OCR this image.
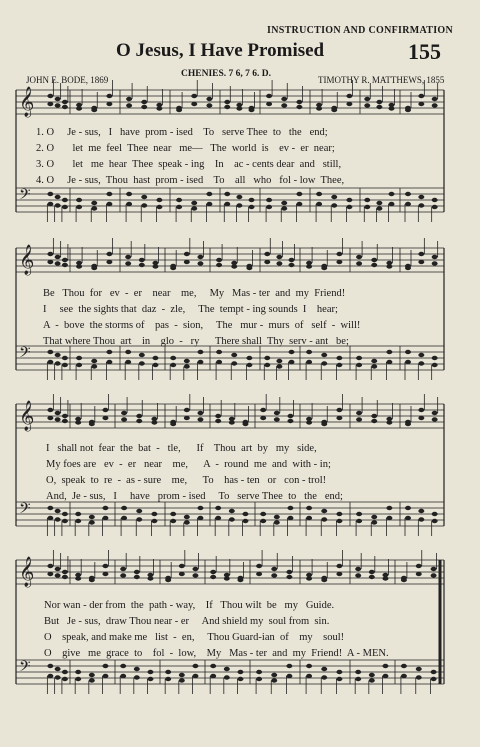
INSTRUCTION AND CONFIRMATION
O Jesus, I Have Promised	155
JOHN E. BODE, 1869
CHENIES. 7 6, 7 6. D.
TIMOTHY R. MATTHEWS, 1855
𝄞
𝄢
𝄞
𝄢
𝄞
𝄢
𝄞
𝄢
1. O     Je - sus,   I   have  prom - ised    To   serve Thee  to   the   end;
2. O       let  me  feel  Thee  near   me—   The  world  is    ev -  er  near;
3. O       let   me  hear  Thee  speak - ing    In    ac - cents dear  and   still,
4. O     Je - sus,  Thou  hast  prom - ised    To    all   who   fol - low  Thee,
Be   Thou  for   ev  -  er    near    me,     My   Mas - ter  and  my  Friend!
I     see  the sights that  daz  -  zle,     The  tempt - ing sounds  I    hear;
A  -  bove  the storms of    pas  -  sion,     The   mur -  murs  of   self  -  will!
That where Thou  art    in    glo  -   ry      There shall  Thy  serv - ant   be;
I   shall not  fear  the  bat  -   tle,      If    Thou  art  by   my   side,
My foes are   ev  -  er   near    me,      A  -  round  me  and  with - in;
O,  speak  to  re  -  as - sure    me,      To    has - ten   or   con - trol!
And,  Je - sus,   I     have   prom - ised     To   serve Thee  to   the   end;
Nor wan - der from  the  path - way,    If   Thou wilt  be   my   Guide.
But   Je - sus,  draw Thou near - er     And shield my  soul from  sin.
O    speak, and make me   list  -  en,     Thou Guard-ian  of    my    soul!
O    give   me  grace  to    fol  -  low,    My   Mas - ter  and  my  Friend!  A - MEN.
